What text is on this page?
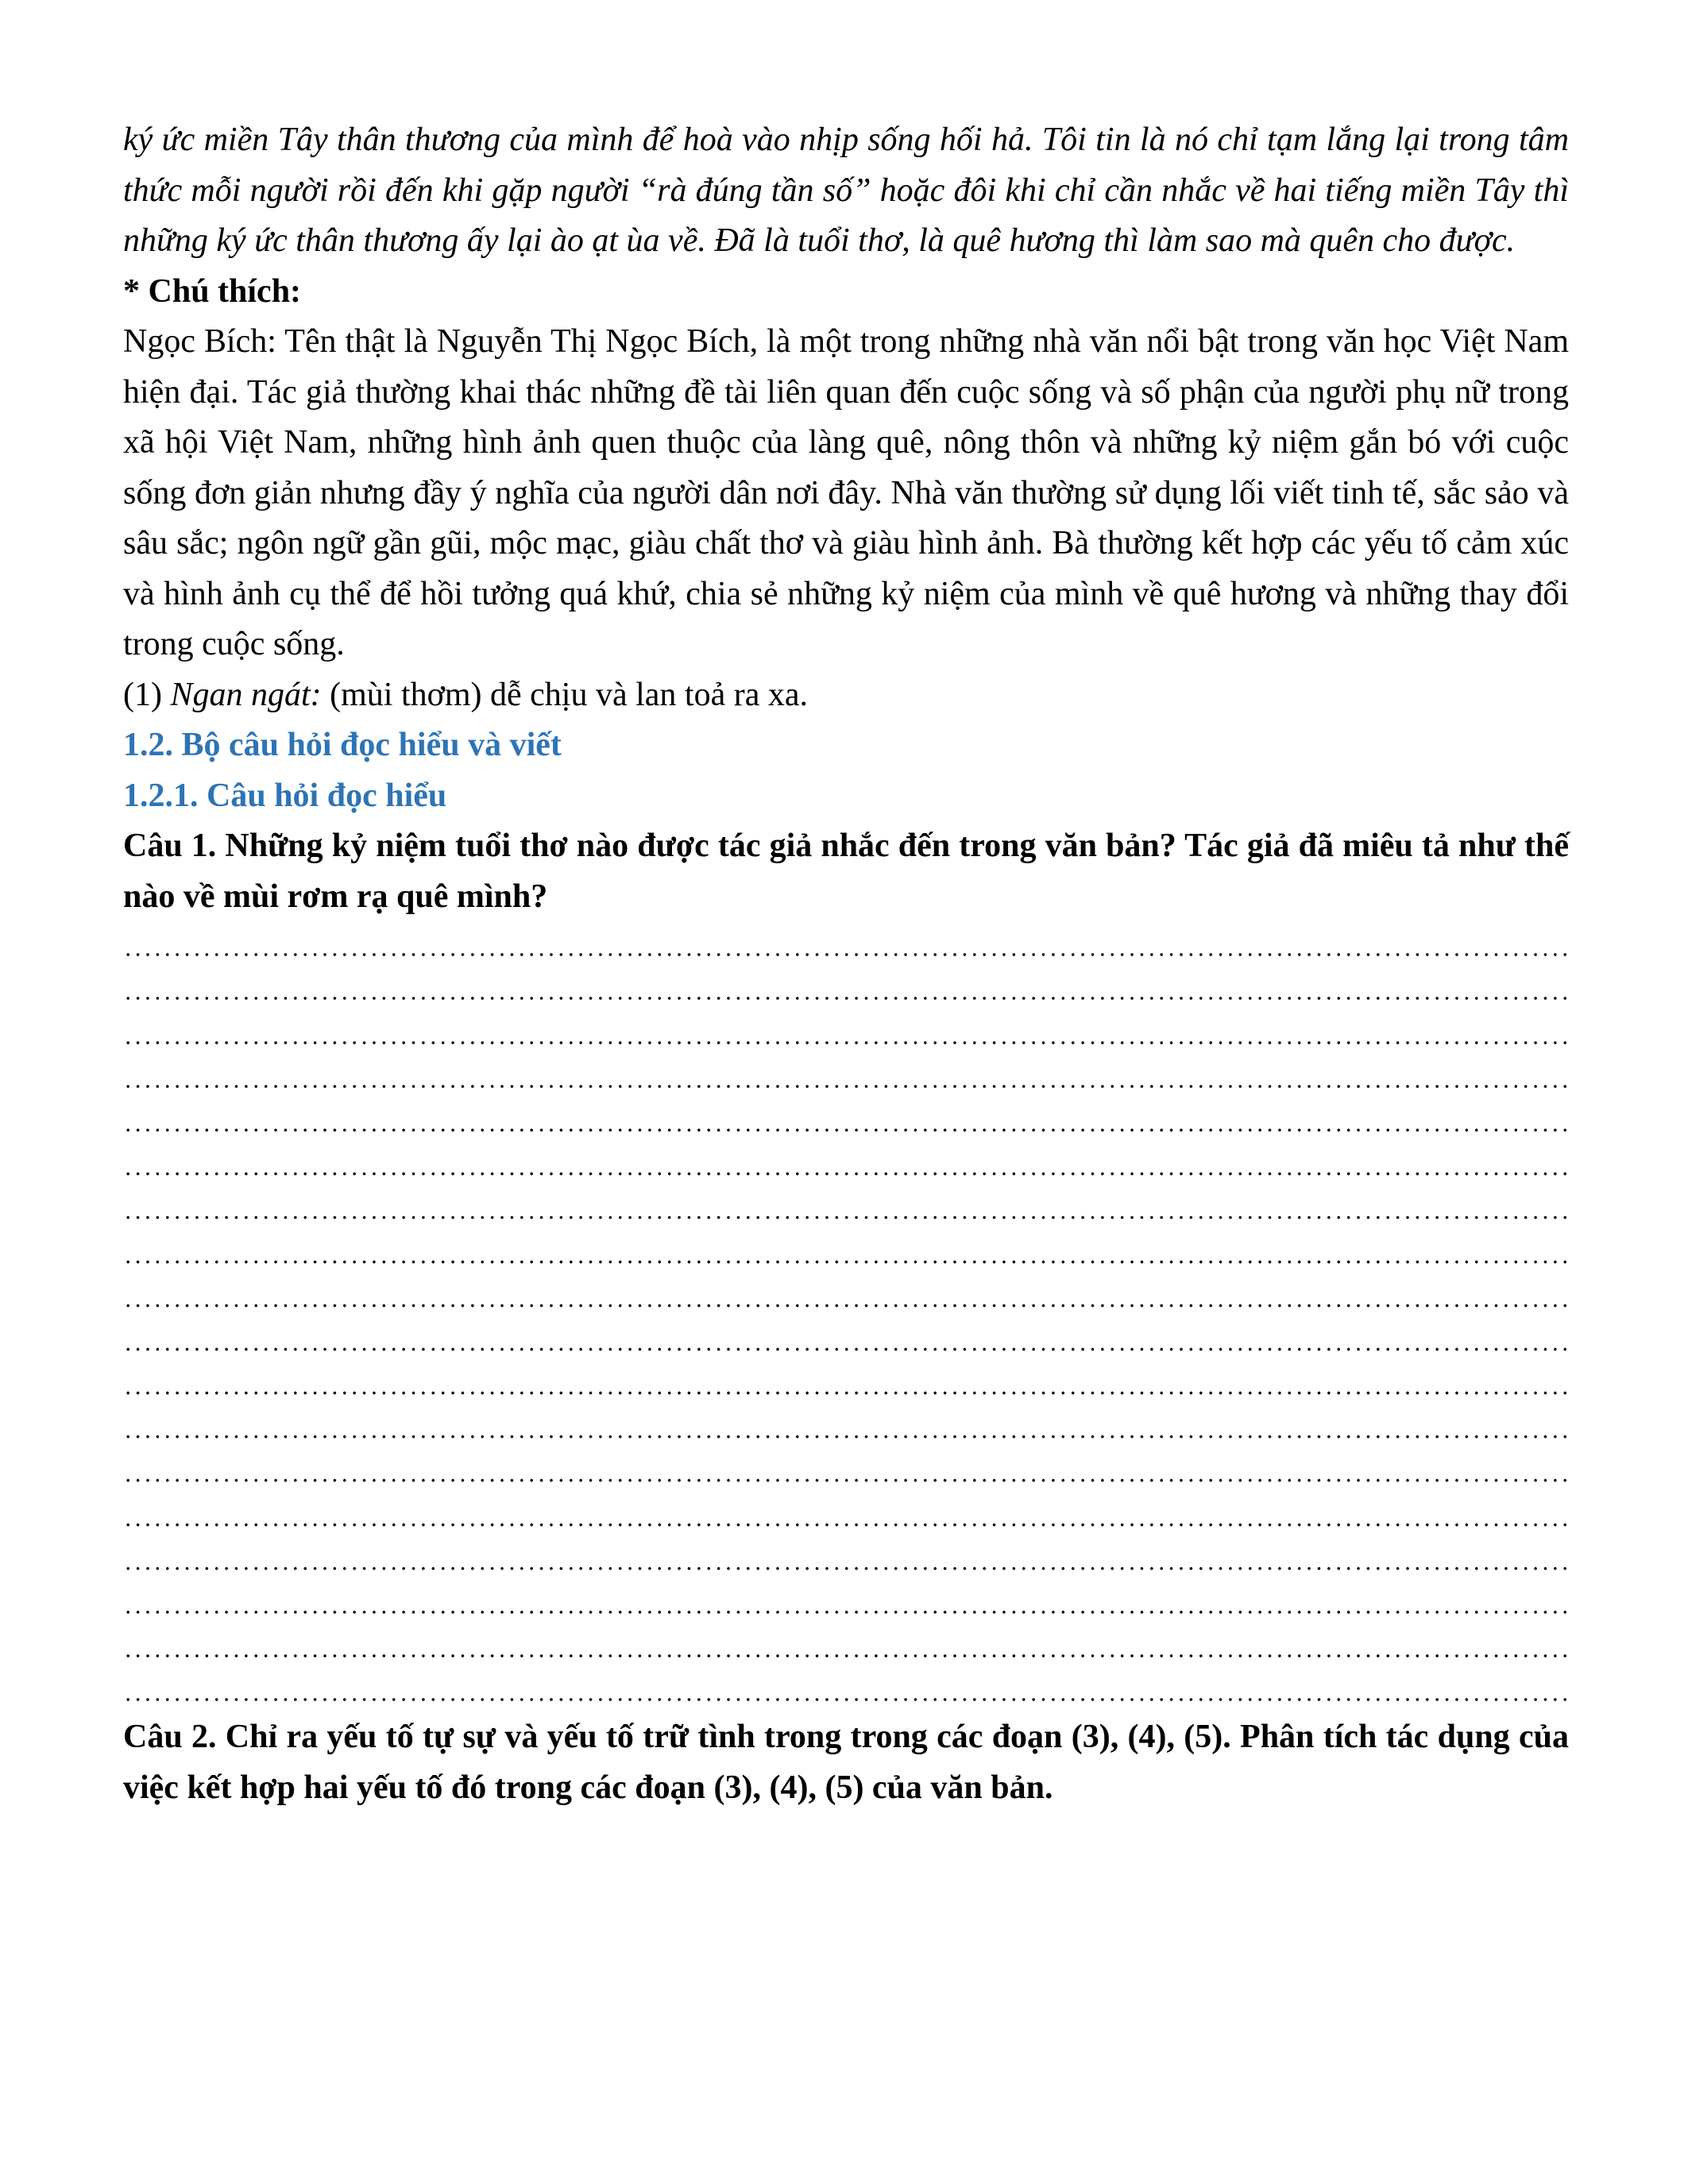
ký ức miền Tây thân thương của mình để hoà vào nhịp sống hối hả. Tôi tin là nó chỉ tạm lắng lại trong tâm thức mỗi người rồi đến khi gặp người “rà đúng tần số” hoặc đôi khi chỉ cần nhắc về hai tiếng miền Tây thì những ký ức thân thương ấy lại ào ạt ùa về. Đã là tuổi thơ, là quê hương thì làm sao mà quên cho được.

* Chú thích:

Ngọc Bích: Tên thật là Nguyễn Thị Ngọc Bích, là một trong những nhà văn nổi bật trong văn học Việt Nam hiện đại. Tác giả thường khai thác những đề tài liên quan đến cuộc sống và số phận của người phụ nữ trong xã hội Việt Nam, những hình ảnh quen thuộc của làng quê, nông thôn và những kỷ niệm gắn bó với cuộc sống đơn giản nhưng đầy ý nghĩa của người dân nơi đây. Nhà văn thường sử dụng lối viết tinh tế, sắc sảo và sâu sắc; ngôn ngữ gần gũi, mộc mạc, giàu chất thơ và giàu hình ảnh. Bà thường kết hợp các yếu tố cảm xúc và hình ảnh cụ thể để hồi tưởng quá khứ, chia sẻ những kỷ niệm của mình về quê hương và những thay đổi trong cuộc sống.

(1) Ngan ngát: (mùi thơm) dễ chịu và lan toả ra xa.

1.2. Bộ câu hỏi đọc hiểu và viết

1.2.1. Câu hỏi đọc hiểu

Câu 1. Những kỷ niệm tuổi thơ nào được tác giả nhắc đến trong văn bản? Tác giả đã miêu tả như thế nào về mùi rơm rạ quê mình?

Câu 2. Chỉ ra yếu tố tự sự và yếu tố trữ tình trong trong các đoạn (3), (4), (5). Phân tích tác dụng của việc kết hợp hai yếu tố đó trong các đoạn (3), (4), (5) của văn bản.
